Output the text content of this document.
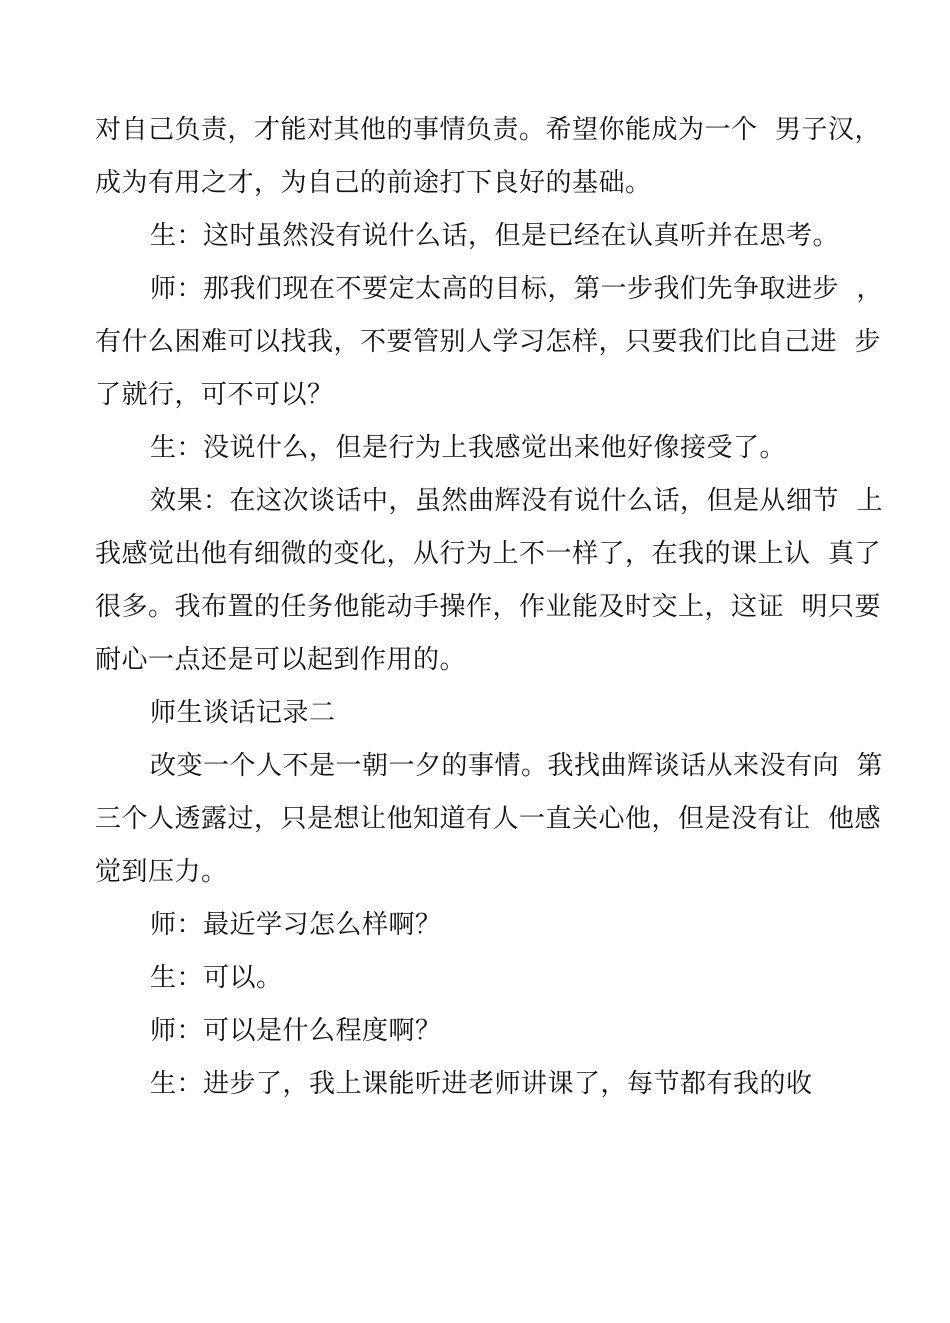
对自己负责，才能对其他的事情负责。希望你能成为一个  男子汉，
成为有用之才，为自己的前途打下良好的基础。
生：这时虽然没有说什么话，但是已经在认真听并在思考。
师：那我们现在不要定太高的目标，第一步我们先争取进步  ，
有什么困难可以找我，不要管别人学习怎样，只要我们比自己进  步
了就行，可不可以？
生：没说什么，但是行为上我感觉出来他好像接受了。
效果：在这次谈话中，虽然曲辉没有说什么话，但是从细节  上
我感觉出他有细微的变化，从行为上不一样了，在我的课上认  真了
很多。我布置的任务他能动手操作，作业能及时交上，这证  明只要
耐心一点还是可以起到作用的。
师生谈话记录二
改变一个人不是一朝一夕的事情。我找曲辉谈话从来没有向  第
三个人透露过，只是想让他知道有人一直关心他，但是没有让  他感
觉到压力。
师：最近学习怎么样啊？
生：可以。
师：可以是什么程度啊？
生：进步了，我上课能听进老师讲课了，每节都有我的收
